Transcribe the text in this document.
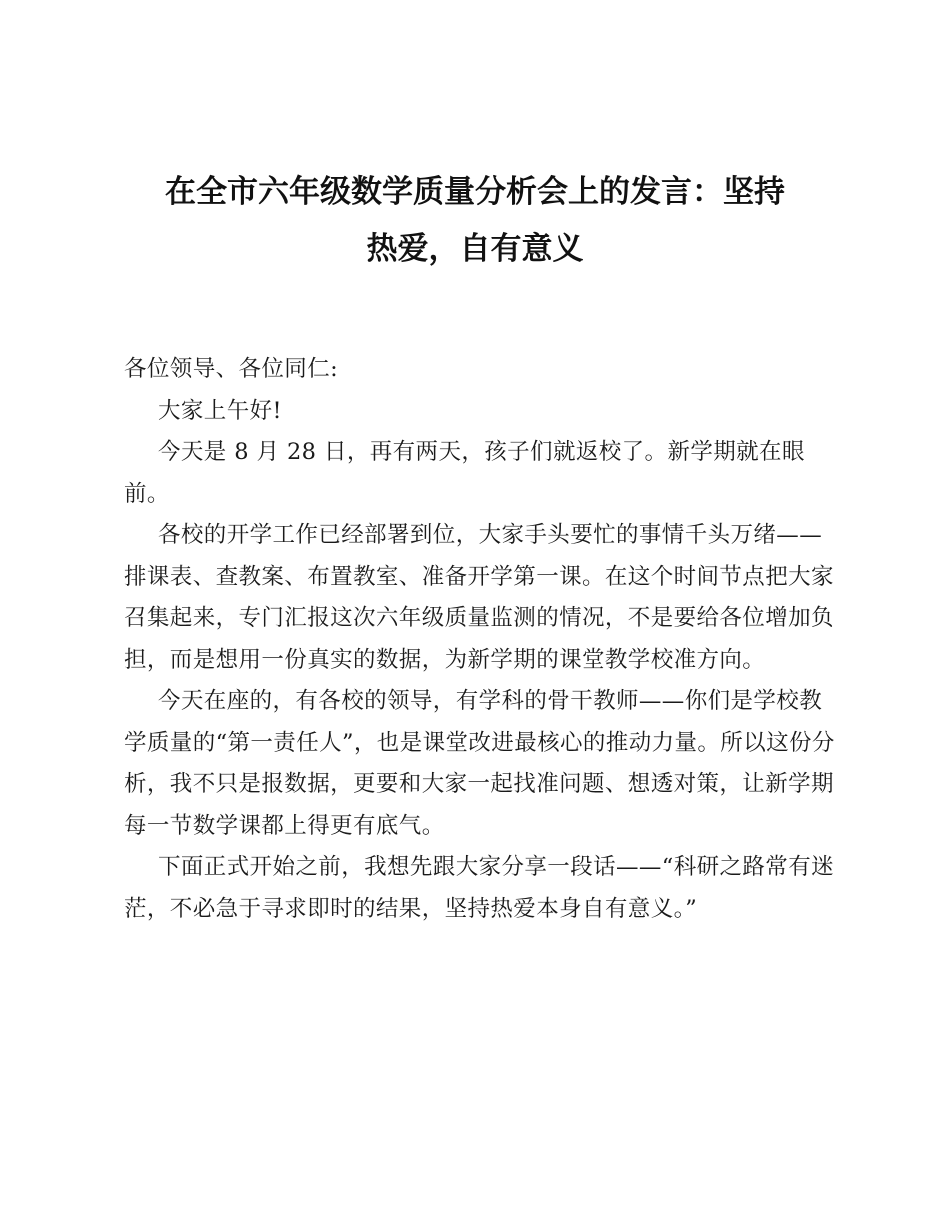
在全市六年级数学质量分析会上的发言：坚持
热爱，自有意义

各位领导、各位同仁:

大家上午好!

今天是 8 月 28 日，再有两天，孩子们就返校了。新学期就在眼前。

各校的开学工作已经部署到位，大家手头要忙的事情千头万绪——排课表、查教案、布置教室、准备开学第一课。在这个时间节点把大家召集起来，专门汇报这次六年级质量监测的情况，不是要给各位增加负担，而是想用一份真实的数据，为新学期的课堂教学校准方向。

今天在座的，有各校的领导，有学科的骨干教师——你们是学校教学质量的“第一责任人”，也是课堂改进最核心的推动力量。所以这份分析，我不只是报数据，更要和大家一起找准问题、想透对策，让新学期每一节数学课都上得更有底气。

下面正式开始之前，我想先跟大家分享一段话——“科研之路常有迷茫，不必急于寻求即时的结果，坚持热爱本身自有意义。”
